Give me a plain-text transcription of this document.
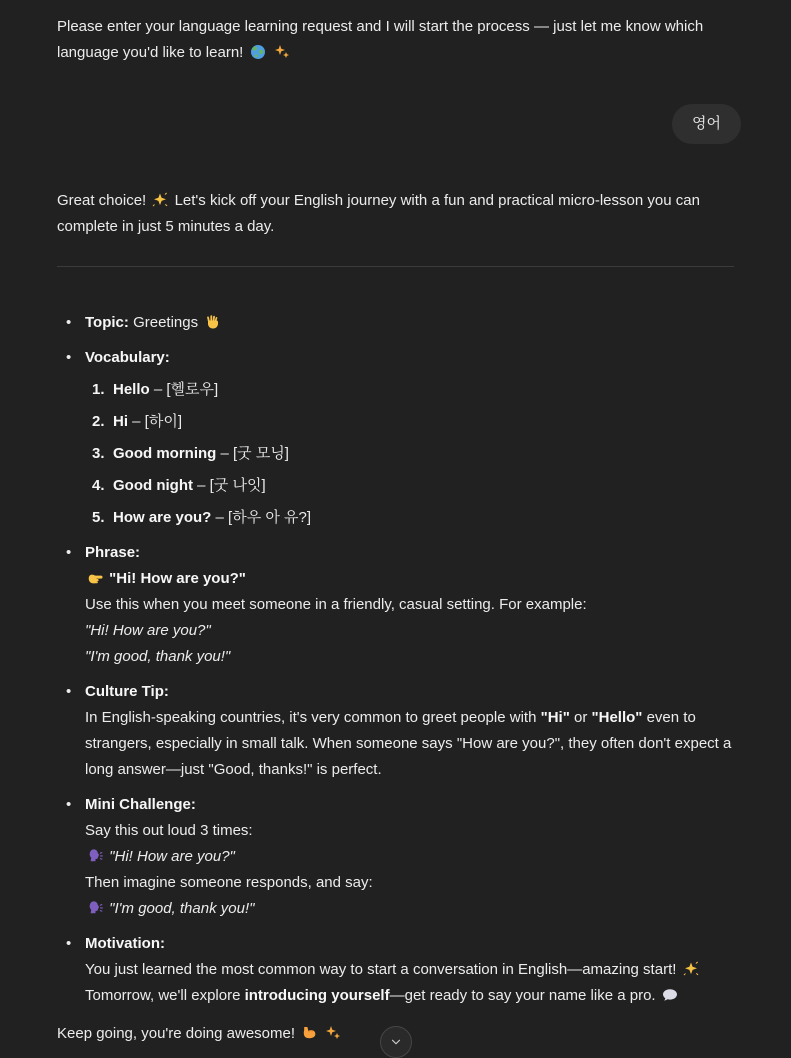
Please enter your language learning request and I will start the process — just let me know which language you'd like to learn!

영어

Great choice! Let's kick off your English journey with a fun and practical micro-lesson you can complete in just 5 minutes a day.

• Topic: Greetings
• Vocabulary:
1. Hello – [헬로우]
2. Hi – [하이]
3. Good morning – [굿 모닝]
4. Good night – [굿 나잇]
5. How are you? – [하우 아 유?]
• Phrase:
"Hi! How are you?"
Use this when you meet someone in a friendly, casual setting. For example:
"Hi! How are you?"
"I'm good, thank you!"
• Culture Tip:
In English-speaking countries, it's very common to greet people with "Hi" or "Hello" even to strangers, especially in small talk. When someone says "How are you?", they often don't expect a long answer—just "Good, thanks!" is perfect.
• Mini Challenge:
Say this out loud 3 times:
"Hi! How are you?"
Then imagine someone responds, and say:
"I'm good, thank you!"
• Motivation:
You just learned the most common way to start a conversation in English—amazing start!
Tomorrow, we'll explore introducing yourself—get ready to say your name like a pro.

Keep going, you're doing awesome!
